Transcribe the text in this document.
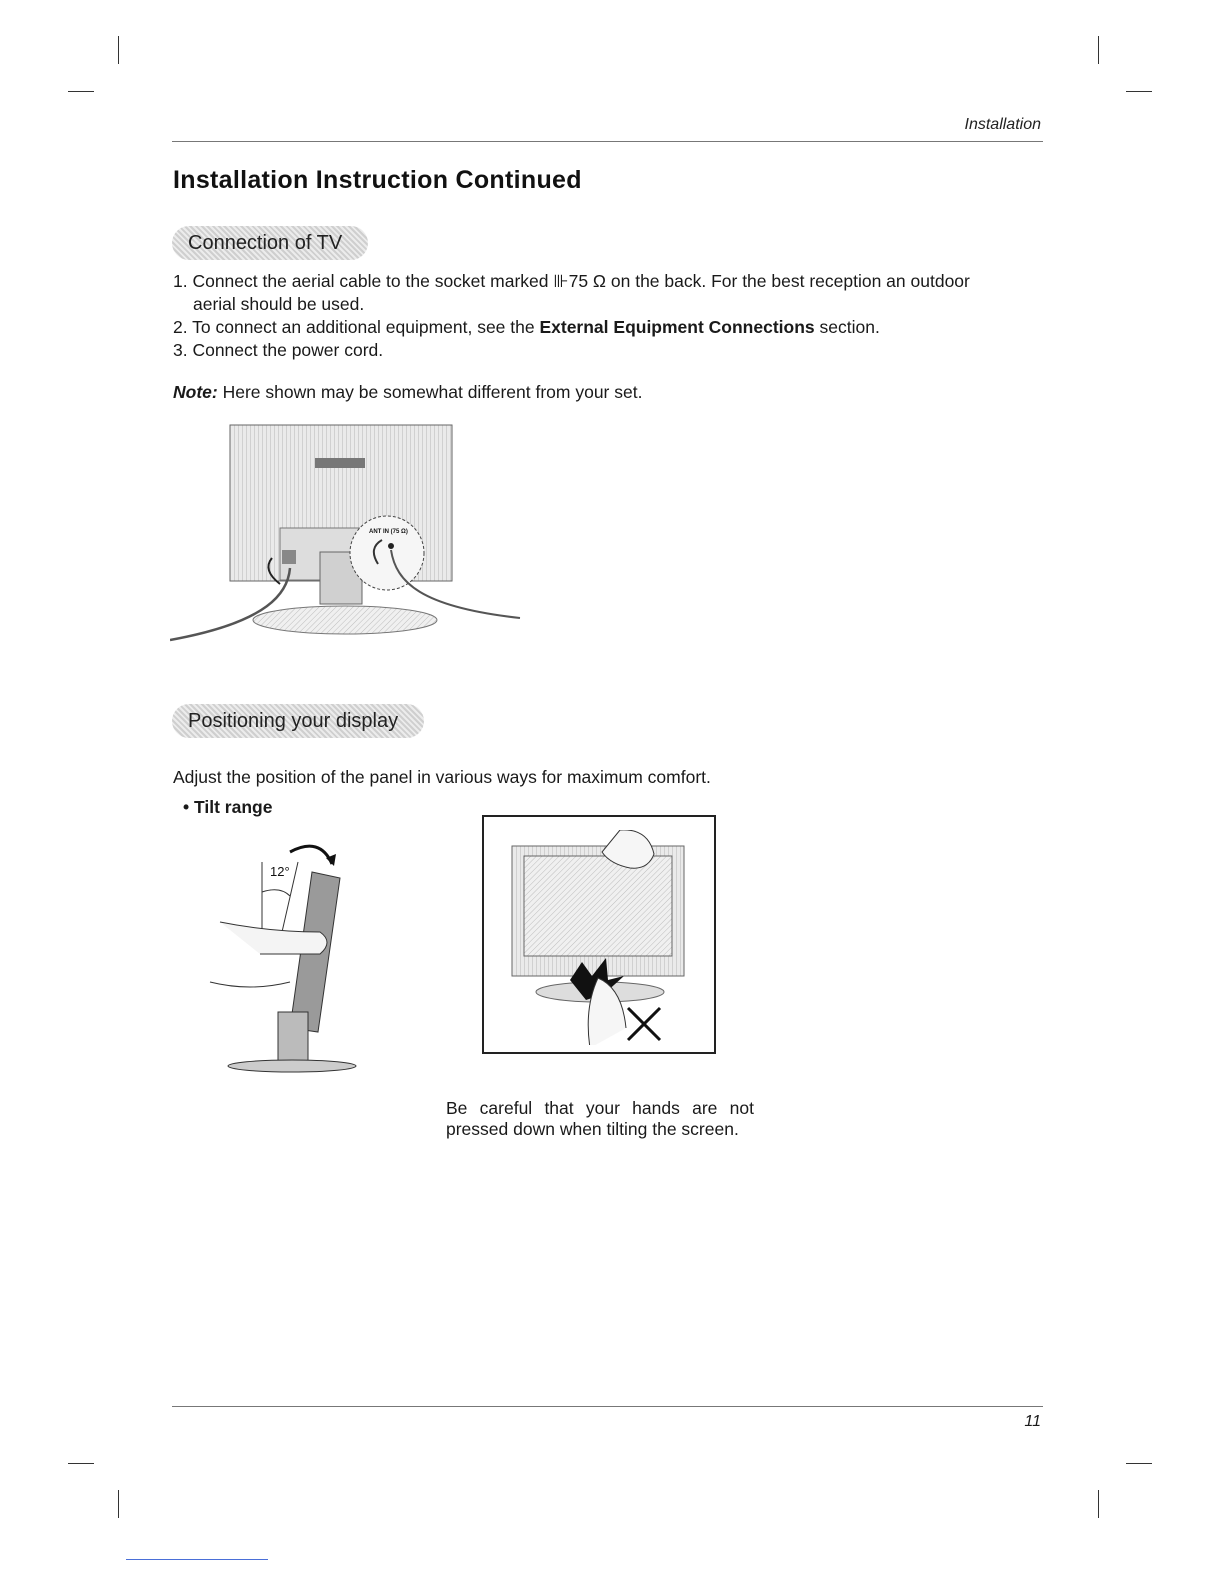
Installation
Installation Instruction Continued
Connection of TV
1. Connect the aerial cable to the socket marked ⊪75 Ω on the back. For the best reception an outdoor aerial should be used.
2. To connect an additional equipment, see the External Equipment Connections section.
3. Connect the power cord.
Note: Here shown may be somewhat different from your set.
ANT IN (75 Ω)
Positioning your display
Adjust the position of the panel in various ways for maximum comfort.
• Tilt range
12°
Be careful that your hands are not pressed down when tilting the screen.
11
